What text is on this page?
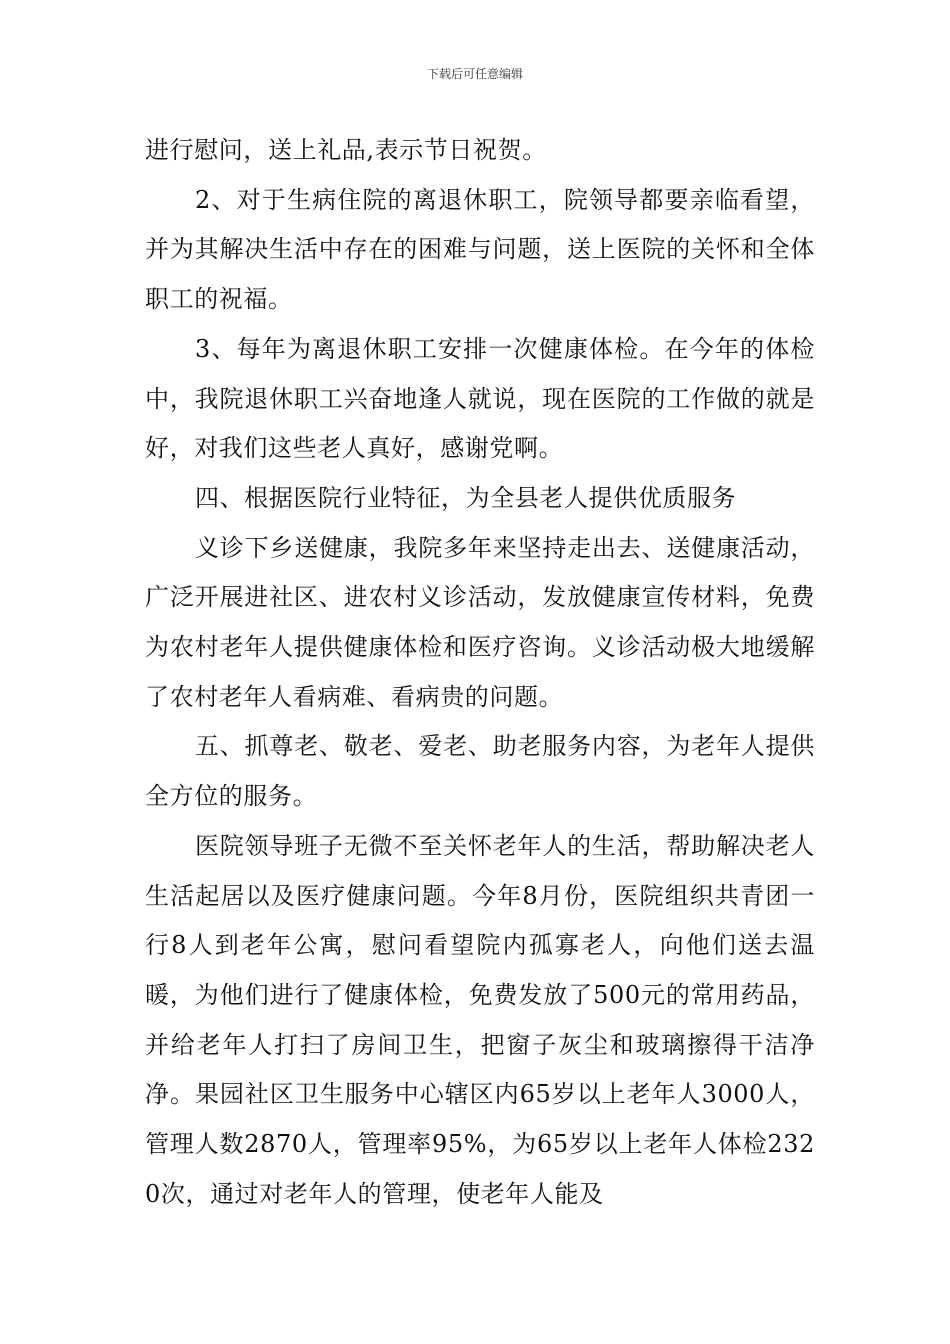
下载后可任意编辑

进行慰问，送上礼品,表示节日祝贺。

2、对于生病住院的离退休职工，院领导都要亲临看望，并为其解决生活中存在的困难与问题，送上医院的关怀和全体职工的祝福。

3、每年为离退休职工安排一次健康体检。在今年的体检中，我院退休职工兴奋地逢人就说，现在医院的工作做的就是好，对我们这些老人真好，感谢党啊。

四、根据医院行业特征，为全县老人提供优质服务

义诊下乡送健康，我院多年来坚持走出去、送健康活动，广泛开展进社区、进农村义诊活动，发放健康宣传材料，免费为农村老年人提供健康体检和医疗咨询。义诊活动极大地缓解了农村老年人看病难、看病贵的问题。

五、抓尊老、敬老、爱老、助老服务内容，为老年人提供全方位的服务。

医院领导班子无微不至关怀老年人的生活，帮助解决老人生活起居以及医疗健康问题。今年8月份，医院组织共青团一行8人到老年公寓，慰问看望院内孤寡老人，向他们送去温暖，为他们进行了健康体检，免费发放了500元的常用药品，并给老年人打扫了房间卫生，把窗子灰尘和玻璃擦得干洁净净。果园社区卫生服务中心辖区内65岁以上老年人3000人，管理人数2870人，管理率95%，为65岁以上老年人体检2320次，通过对老年人的管理，使老年人能及
